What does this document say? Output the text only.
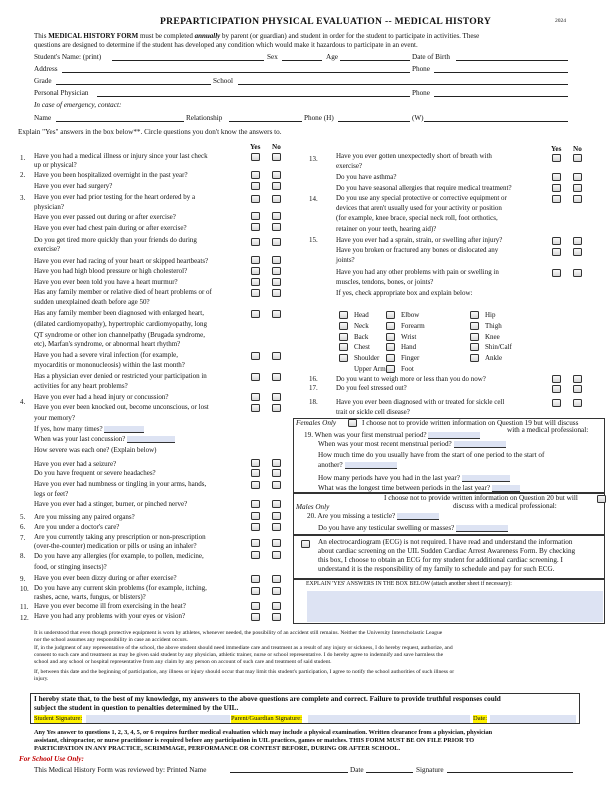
PREPARTICIPATION PHYSICAL EVALUATION -- MEDICAL HISTORY	2024
This MEDICAL HISTORY FORM must be completed annually by parent (or guardian) and student in order for the student to participate in activities. These
questions are designed to determine if the student has developed any condition which would make it hazardous to participate in an event.
Student's Name: (print)	Sex	Age	Date of Birth
Address	Phone
Grade	School
Personal Physician	Phone
In case of emergency, contact:
Name	Relationship	Phone (H)	(W)
Explain "Yes" answers in the box below**. Circle questions you don't know the answers to.
Yes No	Yes No
1. Have you had a medical illness or injury since your last check
up or physical?
2. Have you been hospitalized overnight in the past year?
Have you ever had surgery?
3. Have you ever had prior testing for the heart ordered by a
physician?
Have you ever passed out during or after exercise?
Have you ever had chest pain during or after exercise?
Do you get tired more quickly than your friends do during
exercise?
Have you ever had racing of your heart or skipped heartbeats?
Have you had high blood pressure or high cholesterol?
Have you ever been told you have a heart murmur?
Has any family member or relative died of heart problems or of
sudden unexplained death before age 50?
Has any family member been diagnosed with enlarged heart,
(dilated cardiomyopathy), hypertrophic cardiomyopathy, long
QT syndrome or other ion channelpathy (Brugada syndrome,
etc), Marfan's syndrome, or abnormal heart rhythm?
Have you had a severe viral infection (for example,
myocarditis or mononucleosis) within the last month?
Has a physician ever denied or restricted your participation in
activities for any heart problems?
4.
Have you ever had a head injury or concussion?
Have you ever been knocked out, become unconscious, or lost
your memory?
If yes, how many times?
When was your last concussion?
How severe was each one? (Explain below)
Have you ever had a seizure?
Do you have frequent or severe headaches?
Have you ever had numbness or tingling in your arms, hands,
legs or feet?
Have you ever had a stinger, burner, or pinched nerve?
5. Are you missing any paired organs?
6. Are you under a doctor's care?
7. Are you currently taking any prescription or non-prescription
(over-the-counter) medication or pills or using an inhaler?
8. Do you have any allergies (for example, to pollen, medicine,
food, or stinging insects)?
9. Have you ever been dizzy during or after exercise?
10. Do you have any current skin problems (for example, itching,
rashes, acne, warts, fungus, or blisters)?
11. Have you ever become ill from exercising in the heat?
12. Have you had any problems with your eyes or vision?
13.	Have you ever gotten unexpectedly short of breath with
exercise?
Do you have asthma?
Do you have seasonal allergies that require medical treatment?
14.	Do you use any special protective or corrective equipment or
devices that aren't usually used for your activity or position
(for example, knee brace, special neck roll, foot orthotics,
retainer on your teeth, hearing aid)?
15.	Have you ever had a sprain, strain, or swelling after injury?
Have you broken or fractured any bones or dislocated any
joints?
Have you had any other problems with pain or swelling in
muscles, tendons, bones, or joints?
If yes, check appropriate box and explain below:
Head	Elbow	Hip
Neck	Forearm	Thigh
Back	Wrist	Knee
Chest	Hand	Shin/Calf
Shoulder	Finger	Ankle
Upper Arm Foot
16.	Do you want to weigh more or less than you do now?
17.	Do you feel stressed out?
18.	Have you ever been diagnosed with or treated for sickle cell
trait or sickle cell disease?
Females Only	I choose not to provide written information on Question 19 but will discuss
with a medical professional:
19. When was your first menstrual period?
When was your most recent menstrual period?
How much time do you usually have from the start of one period to the start of
another?
How many periods have you had in the last year?
What was the longest time between periods in the last year?
I choose not to provide written information on Question 20 but will
Males Only	discuss with a medical professional:
20. Are you missing a testicle?
Do you have any testicular swelling or masses?
An electrocardiogram (ECG) is not required. I have read and understand the information
about cardiac screening on the UIL Sudden Cardiac Arrest Awareness Form. By checking
this box, I choose to obtain an ECG for my student for additional cardiac screening. I
understand it is the responsibility of my family to schedule and pay for such ECG.
EXPLAIN 'YES' ANSWERS IN THE BOX BELOW (attach another sheet if necessary):
It is understood that even though protective equipment is worn by athletes, whenever needed, the possibility of an accident still remains. Neither the University Interscholastic League
nor the school assumes any responsibility in case an accident occurs.
If, in the judgment of any representative of the school, the above student should need immediate care and treatment as a result of any injury or sickness, I do hereby request, authorize, and
consent to such care and treatment as may be given said student by any physician, athletic trainer, nurse or school representative. I do hereby agree to indemnify and save harmless the
school and any school or hospital representative from any claim by any person on account of such care and treatment of said student.
If, between this date and the beginning of participation, any illness or injury should occur that may limit this student's participation, I agree to notify the school authorities of such illness or
injury.
I hereby state that, to the best of my knowledge, my answers to the above questions are complete and correct. Failure to provide truthful responses could
subject the student in question to penalties determined by the UIL.
Student Signature:	Parent/Guardian Signature:	Date:
Any Yes answer to questions 1, 2, 3, 4, 5, or 6 requires further medical evaluation which may include a physical examination. Written clearance from a physician, physician
assistant, chiropractor, or nurse practitioner is required before any participation in UIL practices, games or matches. THIS FORM MUST BE ON FILE PRIOR TO
PARTICIPATION IN ANY PRACTICE, SCRIMMAGE, PERFORMANCE OR CONTEST BEFORE, DURING OR AFTER SCHOOL.
For School Use Only:
This Medical History Form was reviewed by: Printed Name	Date	Signature
